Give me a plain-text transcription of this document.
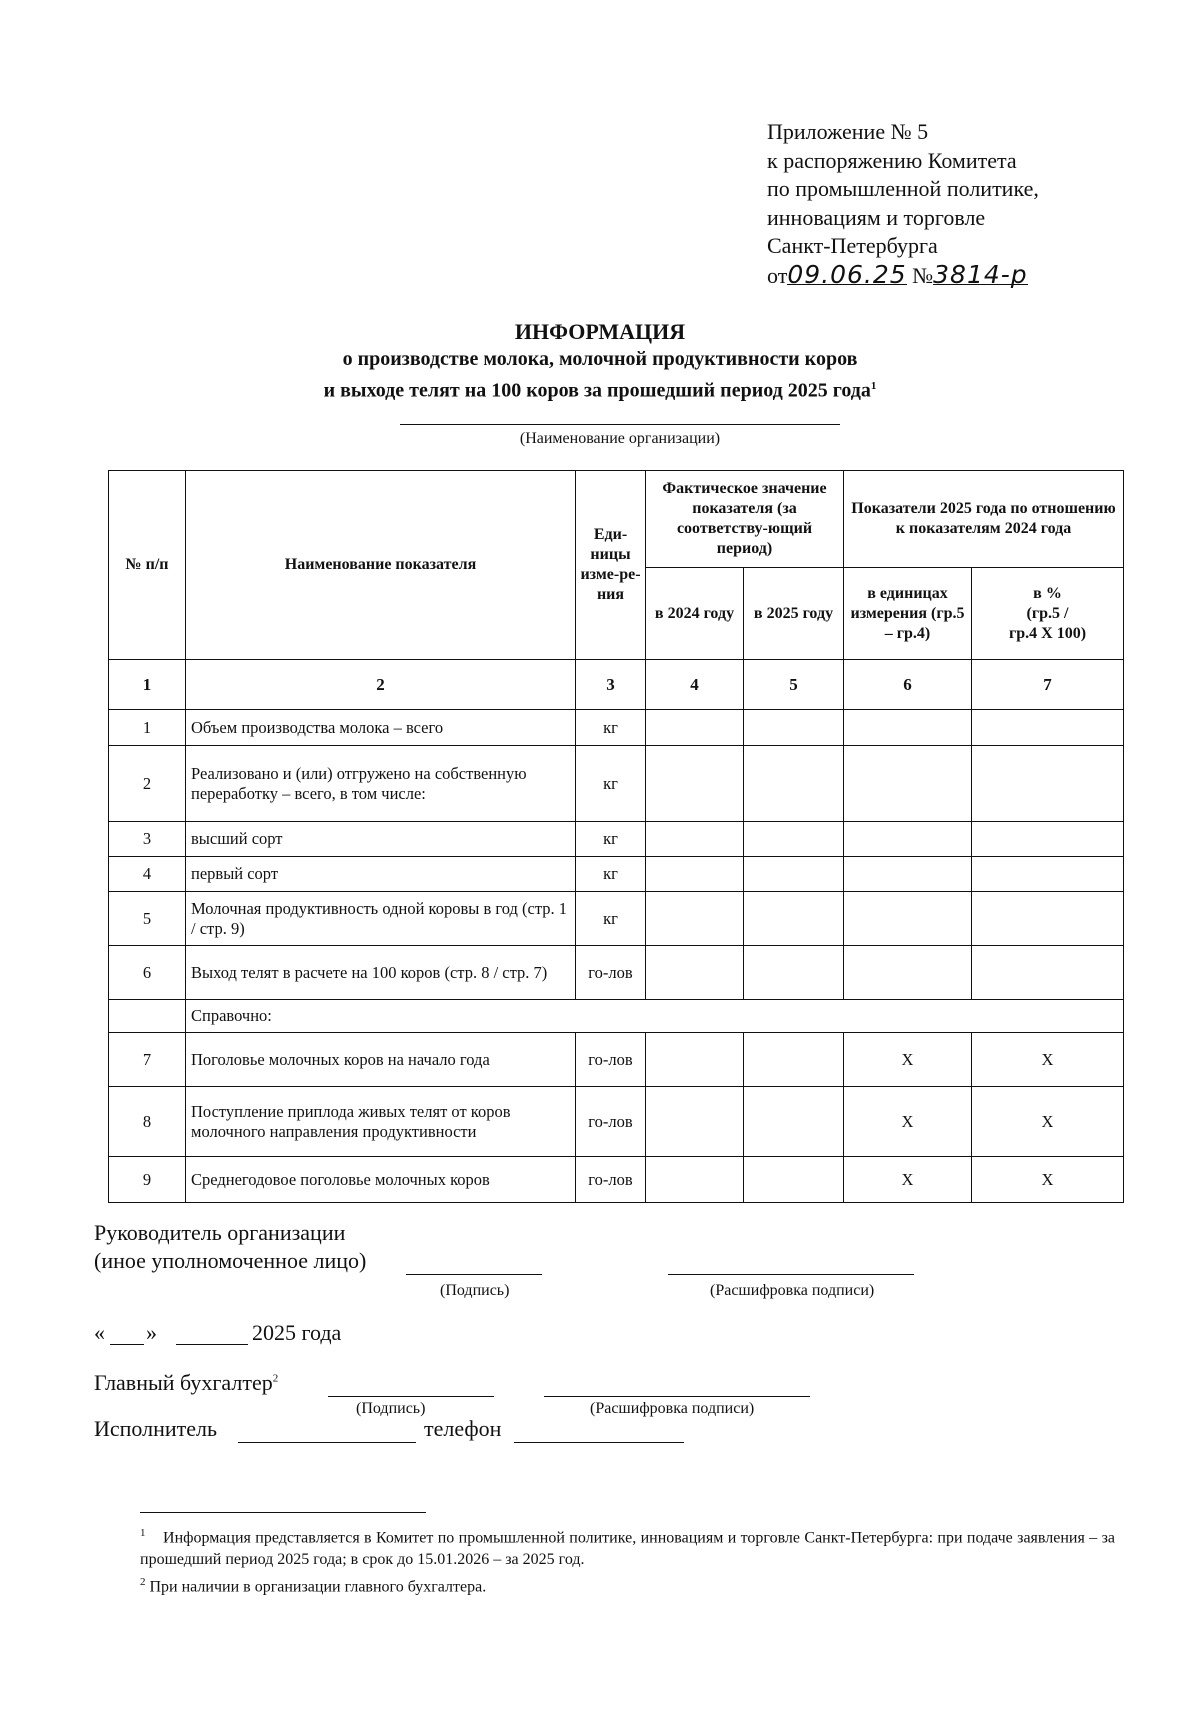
Приложение № 5
к распоряжению Комитета
по промышленной политике,
инновациям и торговле
Санкт-Петербурга
от09.06.25 №3814-р
ИНФОРМАЦИЯ
о производстве молока, молочной продуктивности коров
и выходе телят на 100 коров за прошедший период 2025 года$^1$
(Наименование организации)
№ п/п	Наименование показателя	Еди-ницы изме-ре-ния	Фактическое значение показателя (за соответству-ющий период)		Показатели 2025 года по отношению к показателям 2024 года	
			в 2024 году	в 2025 году	в единицах измерения (гр.5 – гр.4)	в %
(гр.5 /
гр.4 X 100)

1	2	3	4	5	6	7
1	Объем производства молока – всего	кг				
2	Реализовано и (или) отгружено на собственную переработку – всего, в том числе:	кг				
3	высший сорт	кг				
4	первый сорт	кг				
5	Молочная продуктивность одной коровы в год (стр. 1 / стр. 9)	кг				
6	Выход телят в расчете на 100 коров (стр. 8 / стр. 7)	го-лов				
	Справочно:					
7	Поголовье молочных коров на начало года	го-лов			X	X
8	Поступление приплода живых телят от коров молочного направления продуктивности	го-лов			X	X
9	Среднегодовое поголовье молочных коров	го-лов			X	X
Руководитель организации
(иное уполномоченное лицо)
(Подпись)	(Расшифровка подписи)
« »	2025 года
Главный бухгалтер$^2$
(Подпись)	(Расшифровка подписи)
Исполнитель	телефон
$^1$ Информация представляется в Комитет по промышленной политике, инновациям и торговле Санкт-Петербурга: при подаче заявления – за прошедший период 2025 года; в срок до 15.01.2026 – за 2025 год.
$^2$ При наличии в организации главного бухгалтера.
